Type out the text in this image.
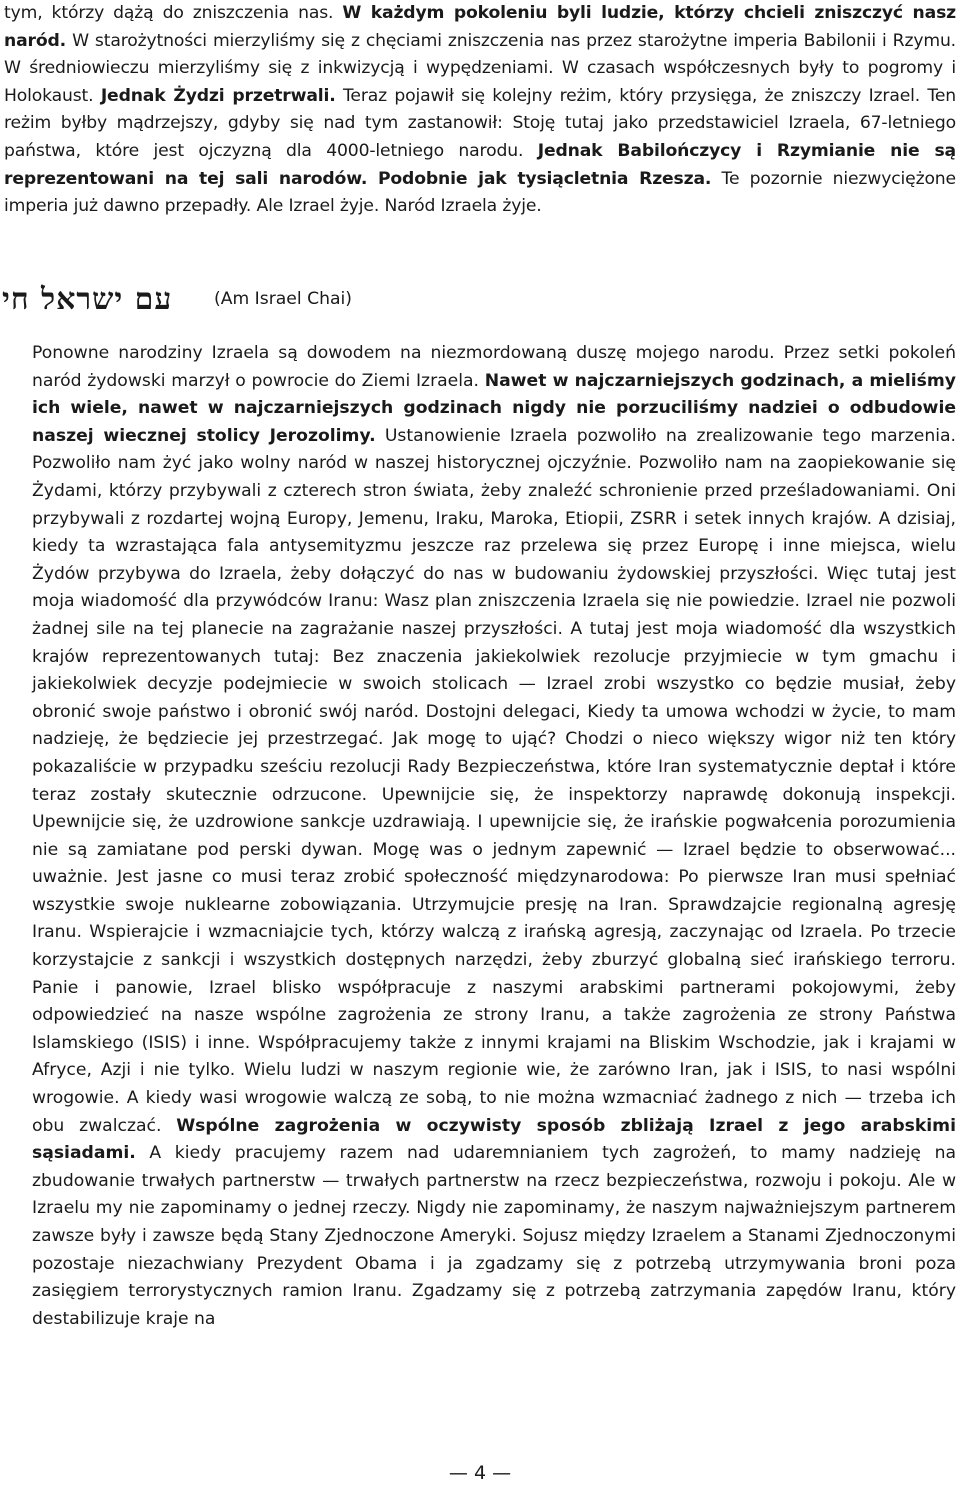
tym, którzy dążą do zniszczenia nas. W każdym pokoleniu byli ludzie, którzy chcieli zniszczyć nasz naród. W starożytności mierzyliśmy się z chęciami zniszczenia nas przez starożytne imperia Babilonii i Rzymu. W średniowieczu mierzyliśmy się z inkwizycją i wypędzeniami. W czasach współczesnych były to pogromy i Holokaust. Jednak Żydzi przetrwali. Teraz pojawił się kolejny reżim, który przysięga, że zniszczy Izrael. Ten reżim byłby mądrzejszy, gdyby się nad tym zastanowił: Stoję tutaj jako przedstawiciel Izraela, 67-letniego państwa, które jest ojczyzną dla 4000-letniego narodu. Jednak Babilończycy i Rzymianie nie są reprezentowani na tej sali narodów. Podobnie jak tysiącletnia Rzesza. Te pozornie niezwyciężone imperia już dawno przepadły. Ale Izrael żyje. Naród Izraela żyje.

עם ישראל חי (Am Israel Chai)

Ponowne narodziny Izraela są dowodem na niezmordowaną duszę mojego narodu. Przez setki pokoleń naród żydowski marzył o powrocie do Ziemi Izraela. Nawet w najczarniejszych godzinach, a mieliśmy ich wiele, nawet w najczarniejszych godzinach nigdy nie porzuciliśmy nadziei o odbudowie naszej wiecznej stolicy Jerozolimy. Ustanowienie Izraela pozwoliło na zrealizowanie tego marzenia. Pozwoliło nam żyć jako wolny naród w naszej historycznej ojczyźnie. Pozwoliło nam na zaopiekowanie się Żydami, którzy przybywali z czterech stron świata, żeby znaleźć schronienie przed prześladowaniami. Oni przybywali z rozdartej wojną Europy, Jemenu, Iraku, Maroka, Etiopii, ZSRR i setek innych krajów. A dzisiaj, kiedy ta wzrastająca fala antysemityzmu jeszcze raz przelewa się przez Europę i inne miejsca, wielu Żydów przybywa do Izraela, żeby dołączyć do nas w budowaniu żydowskiej przyszłości. Więc tutaj jest moja wiadomość dla przywódców Iranu: Wasz plan zniszczenia Izraela się nie powiedzie. Izrael nie pozwoli żadnej sile na tej planecie na zagrażanie naszej przyszłości. A tutaj jest moja wiadomość dla wszystkich krajów reprezentowanych tutaj: Bez znaczenia jakiekolwiek rezolucje przyjmiecie w tym gmachu i jakiekolwiek decyzje podejmiecie w swoich stolicach — Izrael zrobi wszystko co będzie musiał, żeby obronić swoje państwo i obronić swój naród. Dostojni delegaci, Kiedy ta umowa wchodzi w życie, to mam nadzieję, że będziecie jej przestrzegać. Jak mogę to ująć? Chodzi o nieco większy wigor niż ten który pokazaliście w przypadku sześciu rezolucji Rady Bezpieczeństwa, które Iran systematycznie deptał i które teraz zostały skutecznie odrzucone. Upewnijcie się, że inspektorzy naprawdę dokonują inspekcji. Upewnijcie się, że uzdrowione sankcje uzdrawiają. I upewnijcie się, że irańskie pogwałcenia porozumienia nie są zamiatane pod perski dywan. Mogę was o jednym zapewnić — Izrael będzie to obserwować... uważnie. Jest jasne co musi teraz zrobić społeczność międzynarodowa: Po pierwsze Iran musi spełniać wszystkie swoje nuklearne zobowiązania. Utrzymujcie presję na Iran. Sprawdzajcie regionalną agresję Iranu. Wspierajcie i wzmacniajcie tych, którzy walczą z irańską agresją, zaczynając od Izraela. Po trzecie korzystajcie z sankcji i wszystkich dostępnych narzędzi, żeby zburzyć globalną sieć irańskiego terroru. Panie i panowie, Izrael blisko współpracuje z naszymi arabskimi partnerami pokojowymi, żeby odpowiedzieć na nasze wspólne zagrożenia ze strony Iranu, a także zagrożenia ze strony Państwa Islamskiego (ISIS) i inne. Współpracujemy także z innymi krajami na Bliskim Wschodzie, jak i krajami w Afryce, Azji i nie tylko. Wielu ludzi w naszym regionie wie, że zarówno Iran, jak i ISIS, to nasi wspólni wrogowie. A kiedy wasi wrogowie walczą ze sobą, to nie można wzmacniać żadnego z nich — trzeba ich obu zwalczać. Wspólne zagrożenia w oczywisty sposób zbliżają Izrael z jego arabskimi sąsiadami. A kiedy pracujemy razem nad udaremnianiem tych zagrożeń, to mamy nadzieję na zbudowanie trwałych partnerstw — trwałych partnerstw na rzecz bezpieczeństwa, rozwoju i pokoju. Ale w Izraelu my nie zapominamy o jednej rzeczy. Nigdy nie zapominamy, że naszym najważniejszym partnerem zawsze były i zawsze będą Stany Zjednoczone Ameryki. Sojusz między Izraelem a Stanami Zjednoczonymi pozostaje niezachwiany Prezydent Obama i ja zgadzamy się z potrzebą utrzymywania broni poza zasięgiem terrorystycznych ramion Iranu. Zgadzamy się z potrzebą zatrzymania zapędów Iranu, który destabilizuje kraje na

— 4 —
